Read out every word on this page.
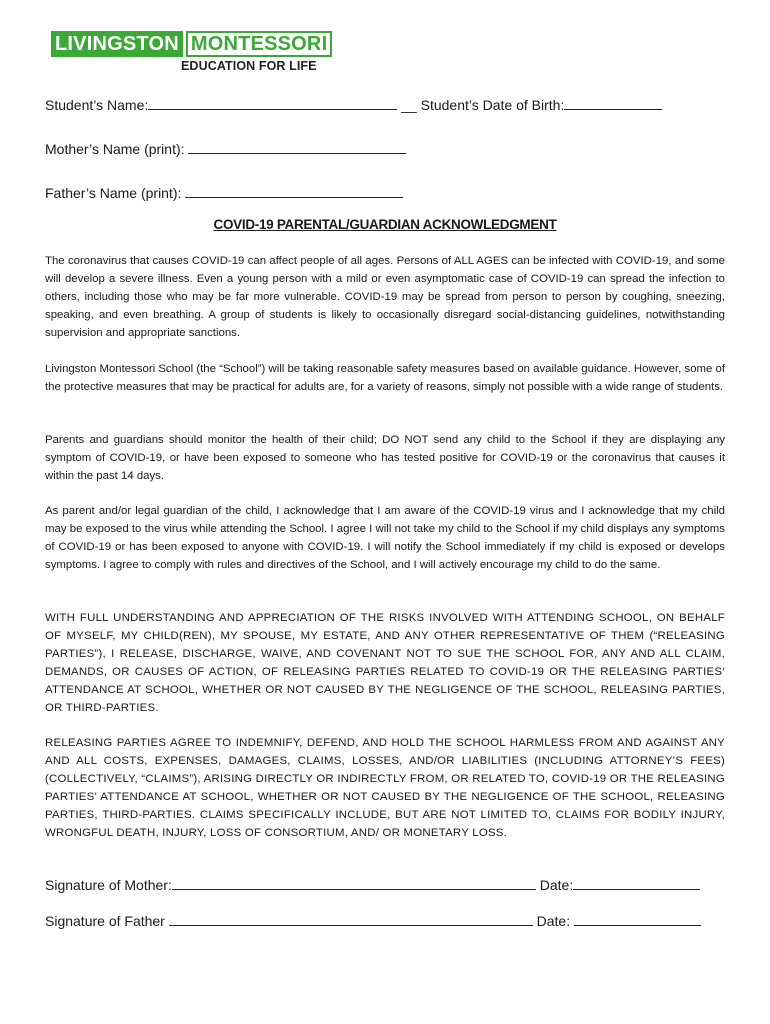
LIVINGSTON MONTESSORI
EDUCATION FOR LIFE
Student’s Name:	__ Student’s Date of Birth:
Mother’s Name (print):
Father’s Name (print):
COVID-19 PARENTAL/GUARDIAN ACKNOWLEDGMENT
The coronavirus that causes COVID-19 can affect people of all ages. Persons of ALL AGES can be infected with COVID-19, and some will develop a severe illness. Even a young person with a mild or even asymptomatic case of COVID-19 can spread the infection to others, including those who may be far more vulnerable. COVID-19 may be spread from person to person by coughing, sneezing, speaking, and even breathing. A group of students is likely to occasionally disregard social-distancing guidelines, notwithstanding supervision and appropriate sanctions.
Livingston Montessori School (the “School”) will be taking reasonable safety measures based on available guidance. However, some of the protective measures that may be practical for adults are, for a variety of reasons, simply not possible with a wide range of students.
Parents and guardians should monitor the health of their child; DO NOT send any child to the School if they are displaying any symptom of COVID-19, or have been exposed to someone who has tested positive for COVID-19 or the coronavirus that causes it within the past 14 days.
As parent and/or legal guardian of the child, I acknowledge that I am aware of the COVID-19 virus and I acknowledge that my child may be exposed to the virus while attending the School. I agree I will not take my child to the School if my child displays any symptoms of COVID-19 or has been exposed to anyone with COVID-19. I will notify the School immediately if my child is exposed or develops symptoms. I agree to comply with rules and directives of the School, and I will actively encourage my child to do the same.
WITH FULL UNDERSTANDING AND APPRECIATION OF THE RISKS INVOLVED WITH ATTENDING SCHOOL, ON BEHALF OF MYSELF, MY CHILD(REN), MY SPOUSE, MY ESTATE, AND ANY OTHER REPRESENTATIVE OF THEM (“RELEASING PARTIES”), I RELEASE, DISCHARGE, WAIVE, AND COVENANT NOT TO SUE THE SCHOOL FOR, ANY AND ALL CLAIM, DEMANDS, OR CAUSES OF ACTION, OF RELEASING PARTIES RELATED TO COVID-19 OR THE RELEASING PARTIES’ ATTENDANCE AT SCHOOL, WHETHER OR NOT CAUSED BY THE NEGLIGENCE OF THE SCHOOL, RELEASING PARTIES, OR THIRD-PARTIES.
RELEASING PARTIES AGREE TO INDEMNIFY, DEFEND, AND HOLD THE SCHOOL HARMLESS FROM AND AGAINST ANY AND ALL COSTS, EXPENSES, DAMAGES, CLAIMS, LOSSES, AND/OR LIABILITIES (INCLUDING ATTORNEY’S FEES) (COLLECTIVELY, “CLAIMS”), ARISING DIRECTLY OR INDIRECTLY FROM, OR RELATED TO, COVID-19 OR THE RELEASING PARTIES’ ATTENDANCE AT SCHOOL, WHETHER OR NOT CAUSED BY THE NEGLIGENCE OF THE SCHOOL, RELEASING PARTIES, THIRD-PARTIES. CLAIMS SPECIFICALLY INCLUDE, BUT ARE NOT LIMITED TO, CLAIMS FOR BODILY INJURY, WRONGFUL DEATH, INJURY, LOSS OF CONSORTIUM, AND/ OR MONETARY LOSS.
Signature of Mother:	Date:
Signature of Father	Date:
